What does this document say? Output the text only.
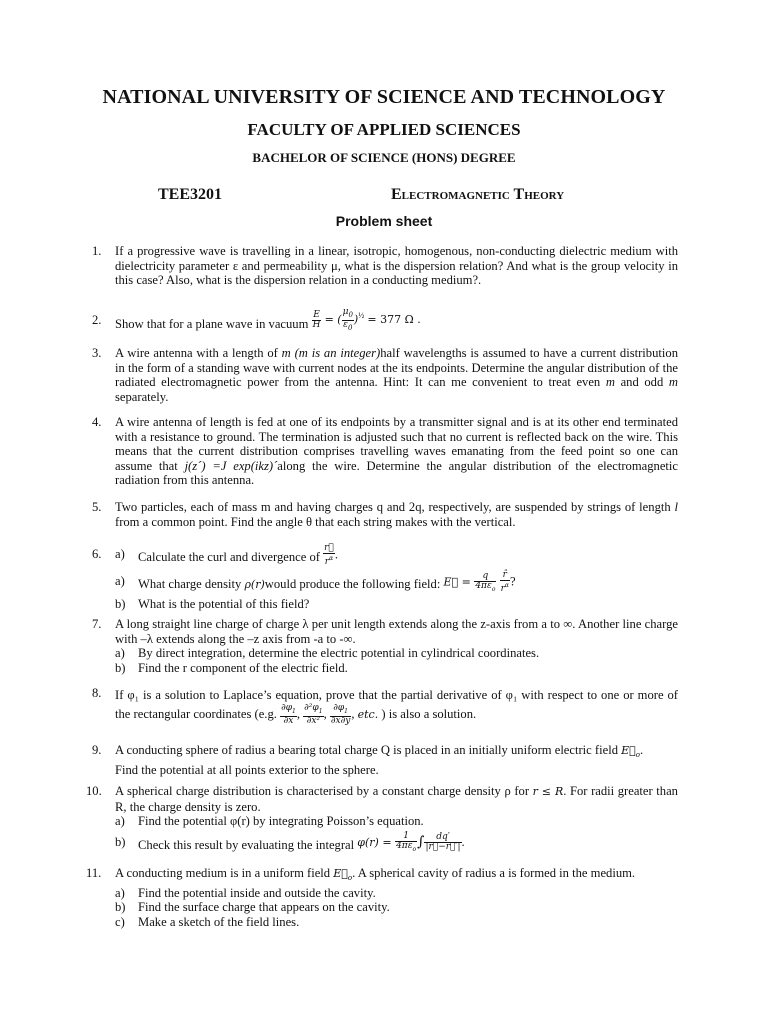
NATIONAL UNIVERSITY OF SCIENCE AND TECHNOLOGY
FACULTY OF APPLIED SCIENCES
BACHELOR OF SCIENCE (HONS) DEGREE
TEE3201	Electromagnetic Theory
Problem sheet
1. If a progressive wave is travelling in a linear, isotropic, homogenous, non-conducting dielectric medium with dielectricity parameter ε and permeability μ, what is the dispersion relation? And what is the group velocity in this case? Also, what is the dispersion relation in a conducting medium?.
2. Show that for a plane wave in vacuum $\frac{E}{H}$ = ( $\frac{\mu_0}{\varepsilon_0} )^{\frac{1}{2}} = 377$ Ω .
3. A wire antenna with a length of m (m is an integer)half wavelengths is assumed to have a current distribution in the form of a standing wave with current nodes at the its endpoints. Determine the angular distribution of the radiated electromagnetic power from the antenna. Hint: It can me convenient to treat even m and odd m separately.
4. A wire antenna of length is fed at one of its endpoints by a transmitter signal and is at its other end terminated with a resistance to ground. The termination is adjusted such that no current is reflected back on the wire. This means that the current distribution comprises travelling waves emanating from the feed point so one can assume that j(z´) =J exp(ikz)´along the wire. Determine the angular distribution of the electromagnetic radiation from this antenna.
5. Two particles, each of mass m and having charges q and 2q, respectively, are suspended by strings of length l from a common point. Find the angle θ that each string makes with the vertical.
6. a) Calculate the curl and divergence of $\frac{r⃗}{r^\alpha}$ .
a) What charge density ρ(r)would produce the following field: E⃗ = $\frac{q}{4\pi\varepsilon_o}$
$\frac{r̂}{r^\alpha}$ ?
b) What is the potential of this field?
7. A long straight line charge of charge λ per unit length extends along the z-axis from a to ∞. Another line charge with –λ extends along the –z axis from -a to -∞.
a) By direct integration, determine the electric potential in cylindrical coordinates.
b) Find the r component of the electric field.
8. If φ₁ is a solution to Laplace’s equation, prove that the partial derivative of φ₁ with respect to one or more of the rectangular coordinates (e.g. $\frac{\partial\varphi_1}{\partial x}$ , $\frac{\partial^2\varphi_1}{\text{∂x²}}$ , $\frac{\partial\varphi_1}{\partial x\partial y}$ , etc. ) is also a solution.
9. A conducting sphere of radius a bearing total charge Q is placed in an initially uniform electric field $E⃗_o$.
Find the potential at all points exterior to the sphere.
10. A spherical charge distribution is characterised by a constant charge density ρ for r ≤ R. For radii greater than R, the charge density is zero.
a) Find the potential φ(r) by integrating Poisson’s equation.
b) Check this result by evaluating the integral $\varphi(r) = \frac{1}{4\pi\varepsilon_o}$ ∫ $\frac{dq'}{|r⃗-r⃗'|}$ .
11. A conducting medium is in a uniform field $E⃗_o$. A spherical cavity of radius a is formed in the medium.
a) Find the potential inside and outside the cavity.
b) Find the surface charge that appears on the cavity.
c) Make a sketch of the field lines.
